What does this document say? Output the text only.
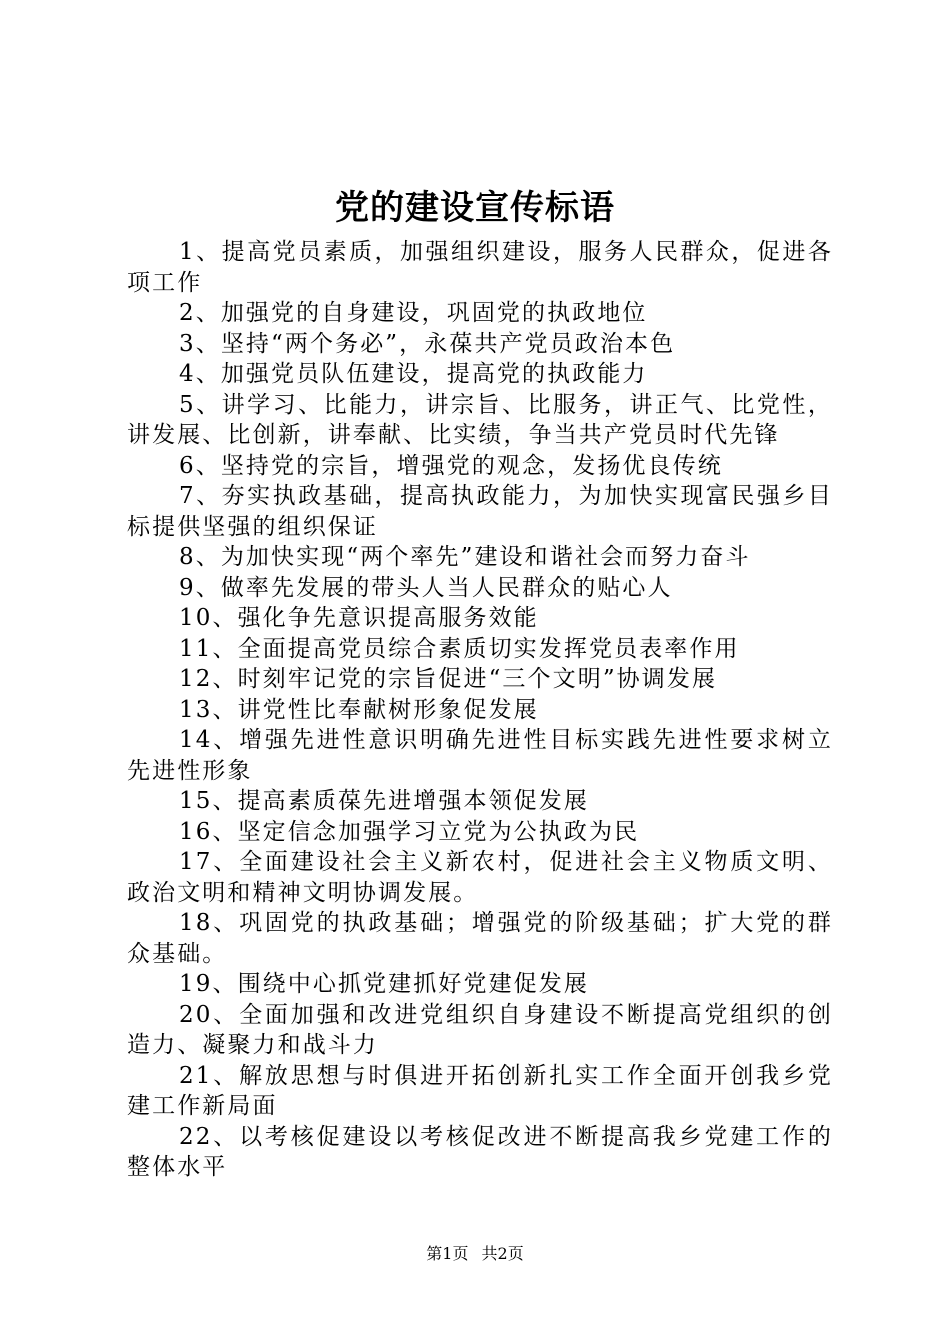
党的建设宣传标语
1、提高党员素质，加强组织建设，服务人民群众，促进各项工作
2、加强党的自身建设，巩固党的执政地位
3、坚持“两个务必”，永葆共产党员政治本色
4、加强党员队伍建设，提高党的执政能力
5、讲学习、比能力，讲宗旨、比服务，讲正气、比党性，讲发展、比创新，讲奉献、比实绩，争当共产党员时代先锋
6、坚持党的宗旨，增强党的观念，发扬优良传统
7、夯实执政基础，提高执政能力，为加快实现富民强乡目标提供坚强的组织保证
8、为加快实现“两个率先”建设和谐社会而努力奋斗
9、做率先发展的带头人当人民群众的贴心人
10、强化争先意识提高服务效能
11、全面提高党员综合素质切实发挥党员表率作用
12、时刻牢记党的宗旨促进“三个文明”协调发展
13、讲党性比奉献树形象促发展
14、增强先进性意识明确先进性目标实践先进性要求树立先进性形象
15、提高素质葆先进增强本领促发展
16、坚定信念加强学习立党为公执政为民
17、全面建设社会主义新农村，促进社会主义物质文明、政治文明和精神文明协调发展。
18、巩固党的执政基础；增强党的阶级基础；扩大党的群众基础。
19、围绕中心抓党建抓好党建促发展
20、全面加强和改进党组织自身建设不断提高党组织的创造力、凝聚力和战斗力
21、解放思想与时俱进开拓创新扎实工作全面开创我乡党建工作新局面
22、以考核促建设以考核促改进不断提高我乡党建工作的整体水平
第1页 共2页
